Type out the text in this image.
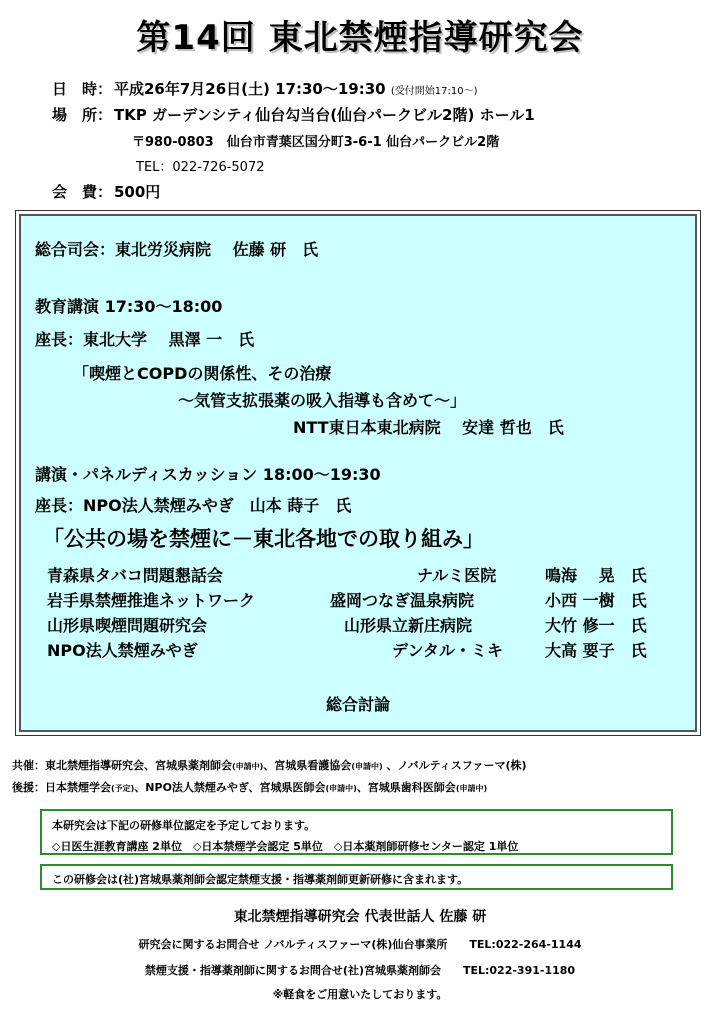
第14回 東北禁煙指導研究会
日　時： 平成26年7月26日(土) 17:30〜19:30 (受付開始17:10〜)
場　所： TKP ガーデンシティ仙台勾当台(仙台パークビル2階) ホール1
〒980-0803　仙台市青葉区国分町3-6-1 仙台パークビル2階
TEL：022-726-5072
会　費： 500円
総合司会：東北労災病院　 佐藤 研　氏
教育講演 17:30〜18:00
座長：東北大学　 黒澤 一　氏
「喫煙とCOPDの関係性、その治療
〜気管支拡張薬の吸入指導も含めて〜」
NTT東日本東北病院　 安達 哲也　氏
講演・パネルディスカッション 18:00〜19:30
座長：NPO法人禁煙みやぎ　山本 蒔子　氏
「公共の場を禁煙に－東北各地での取り組み」
青森県タバコ問題懇話会	ナルミ医院	鳴海　 晃　氏
岩手県禁煙推進ネットワーク	盛岡つなぎ温泉病院	小西 一樹　氏
山形県喫煙問題研究会	山形県立新庄病院	大竹 修一　氏
NPO法人禁煙みやぎ	デンタル・ミキ	大高 要子　氏
総合討論
共催：東北禁煙指導研究会、宮城県薬剤師会(申請中)、宮城県看護協会(申請中) 、ノバルティスファーマ(株)
後援：日本禁煙学会(予定)、NPO法人禁煙みやぎ、宮城県医師会(申請中)、宮城県歯科医師会(申請中)
本研究会は下記の研修単位認定を予定しております。
◇日医生涯教育講座 2単位　◇日本禁煙学会認定 5単位　◇日本薬剤師研修センター認定 1単位
この研修会は(社)宮城県薬剤師会認定禁煙支援・指導薬剤師更新研修に含まれます。
東北禁煙指導研究会 代表世話人 佐藤 研
研究会に関するお問合せ ノバルティスファーマ(株)仙台事業所　　TEL:022-264-1144
禁煙支援・指導薬剤師に関するお問合せ(社)宮城県薬剤師会　　TEL:022-391-1180
※軽食をご用意いたしております。
